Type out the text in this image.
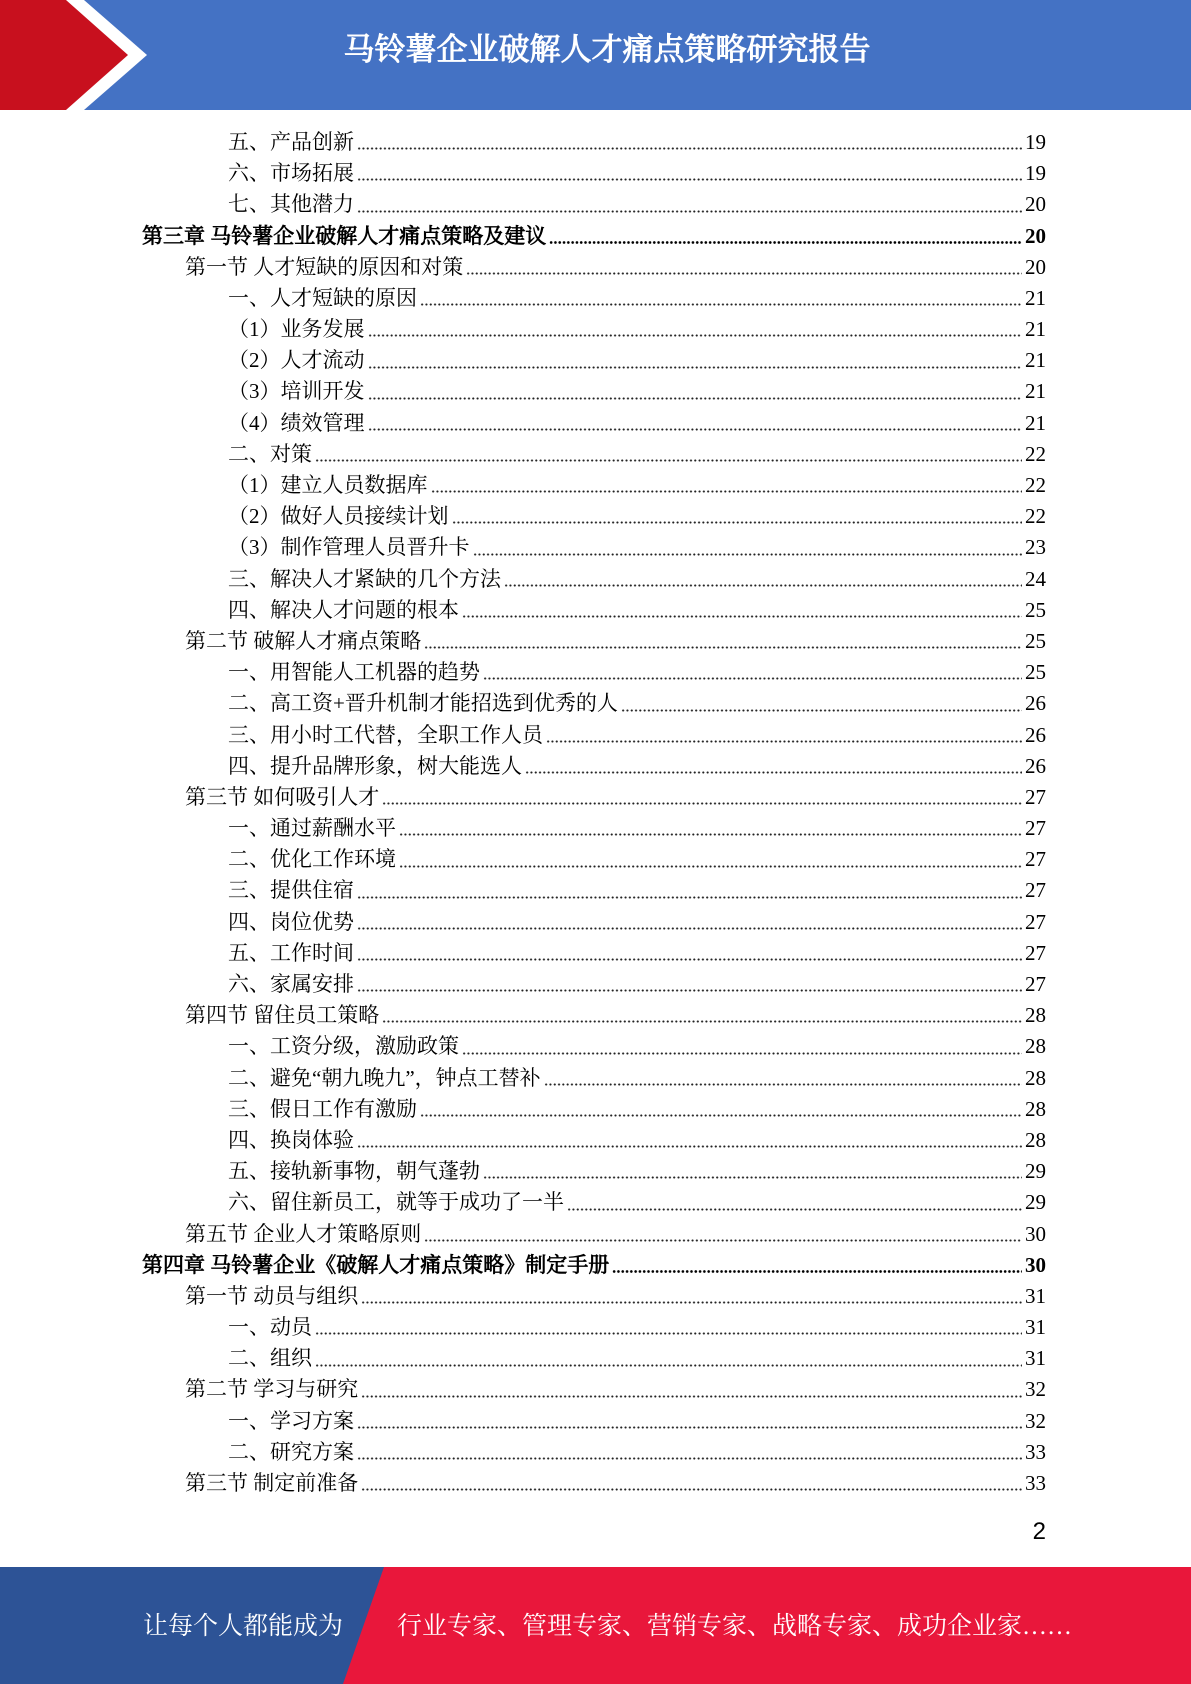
马铃薯企业破解人才痛点策略研究报告
五、产品创新	19
六、市场拓展	19
七、其他潜力	20
第三章 马铃薯企业破解人才痛点策略及建议	20
第一节 人才短缺的原因和对策	20
一、人才短缺的原因	21
（1）业务发展	21
（2）人才流动	21
（3）培训开发	21
（4）绩效管理	21
二、对策	22
（1）建立人员数据库	22
（2）做好人员接续计划	22
（3）制作管理人员晋升卡	23
三、解决人才紧缺的几个方法	24
四、解决人才问题的根本	25
第二节 破解人才痛点策略	25
一、用智能人工机器的趋势	25
二、高工资+晋升机制才能招选到优秀的人	26
三、用小时工代替，全职工作人员	26
四、提升品牌形象，树大能选人	26
第三节 如何吸引人才	27
一、通过薪酬水平	27
二、优化工作环境	27
三、提供住宿	27
四、岗位优势	27
五、工作时间	27
六、家属安排	27
第四节 留住员工策略	28
一、工资分级，激励政策	28
二、避免“朝九晚九”，钟点工替补	28
三、假日工作有激励	28
四、换岗体验	28
五、接轨新事物，朝气蓬勃	29
六、留住新员工，就等于成功了一半	29
第五节 企业人才策略原则	30
第四章 马铃薯企业《破解人才痛点策略》制定手册	30
第一节 动员与组织	31
一、动员	31
二、组织	31
第二节 学习与研究	32
一、学习方案	32
二、研究方案	33
第三节 制定前准备	33
2
让每个人都能成为 行业专家、管理专家、营销专家、战略专家、成功企业家……
